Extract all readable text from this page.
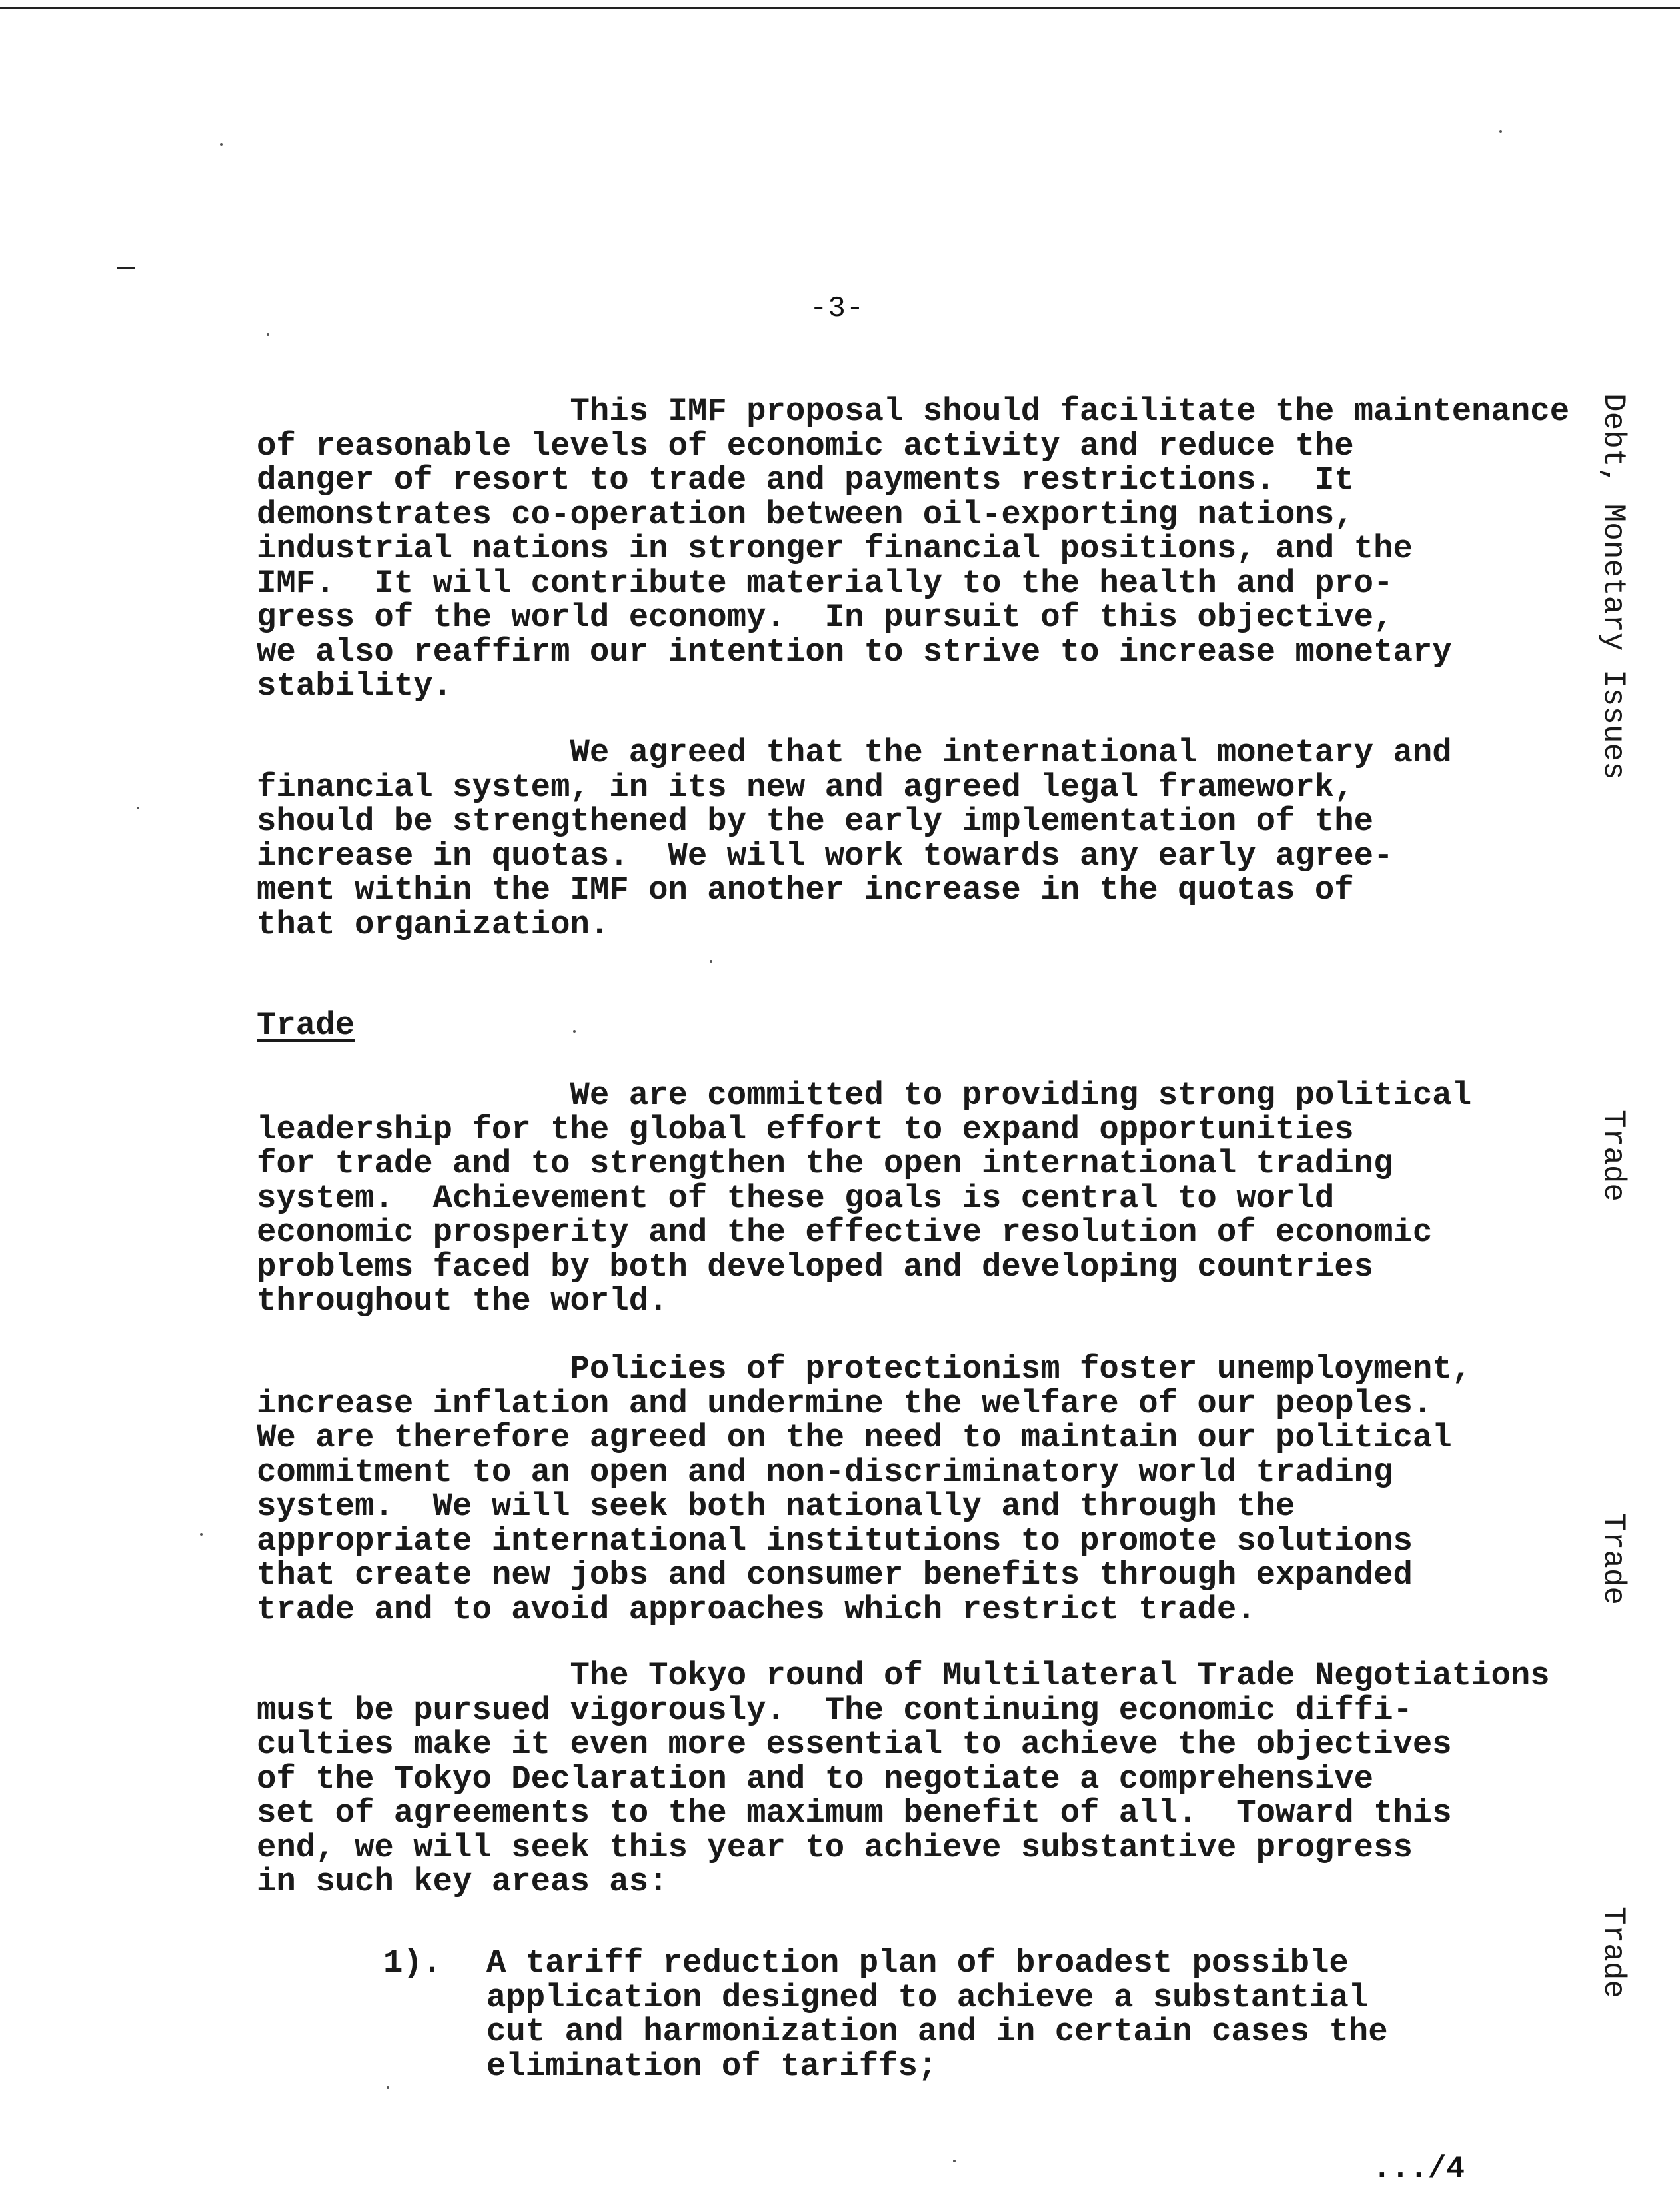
-3-

This IMF proposal should facilitate the maintenance
of reasonable levels of economic activity and reduce the
danger of resort to trade and payments restrictions.  It
demonstrates co-operation between oil-exporting nations,
industrial nations in stronger financial positions, and the
IMF.  It will contribute materially to the health and pro-
gress of the world economy.  In pursuit of this objective,
we also reaffirm our intention to strive to increase monetary
stability.

We agreed that the international monetary and
financial system, in its new and agreed legal framework,
should be strengthened by the early implementation of the
increase in quotas.  We will work towards any early agree-
ment within the IMF on another increase in the quotas of
that organization.

Trade

We are committed to providing strong political
leadership for the global effort to expand opportunities
for trade and to strengthen the open international trading
system.  Achievement of these goals is central to world
economic prosperity and the effective resolution of economic
problems faced by both developed and developing countries
throughout the world.

Policies of protectionism foster unemployment,
increase inflation and undermine the welfare of our peoples.
We are therefore agreed on the need to maintain our political
commitment to an open and non-discriminatory world trading
system.  We will seek both nationally and through the
appropriate international institutions to promote solutions
that create new jobs and consumer benefits through expanded
trade and to avoid approaches which restrict trade.

The Tokyo round of Multilateral Trade Negotiations
must be pursued vigorously.  The continuing economic diffi-
culties make it even more essential to achieve the objectives
of the Tokyo Declaration and to negotiate a comprehensive
set of agreements to the maximum benefit of all.  Toward this
end, we will seek this year to achieve substantive progress
in such key areas as:

1). A tariff reduction plan of broadest possible
application designed to achieve a substantial
cut and harmonization and in certain cases the
elimination of tariffs;

.../4
Debt, Monetary Issues
Trade
Trade
Trade
